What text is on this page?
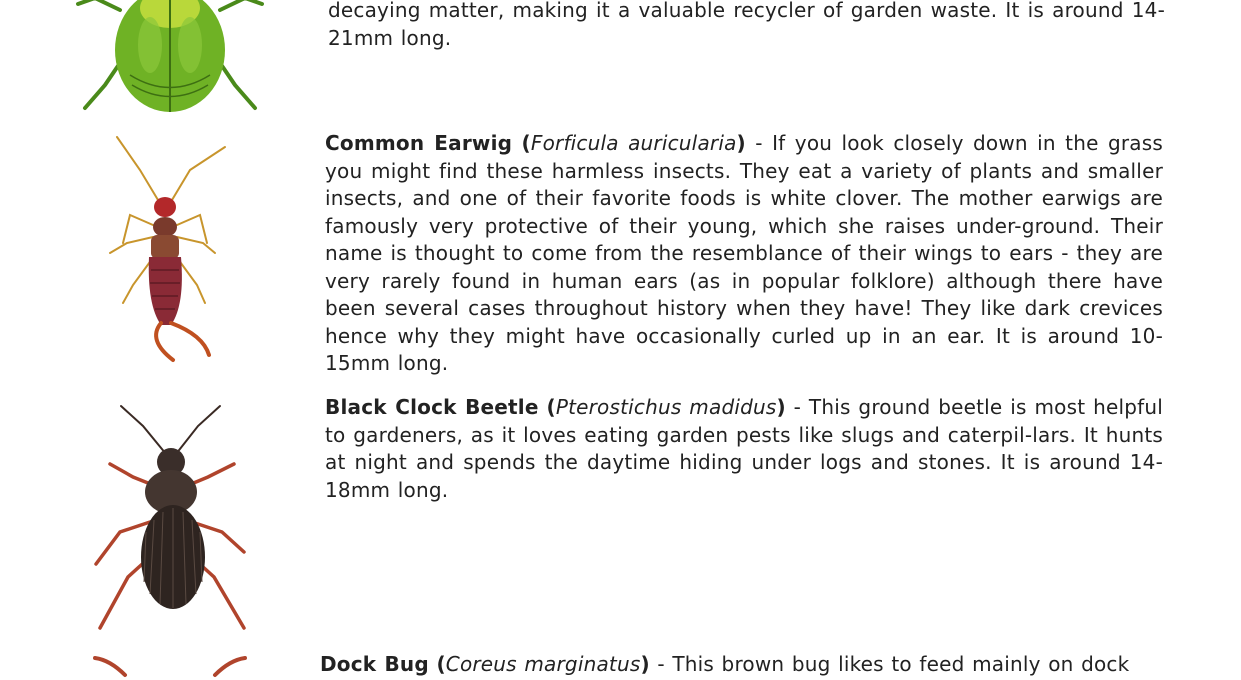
decaying matter, making it a valuable recycler of garden waste. It is around 14-21mm long.

Common Earwig (Forficula auricularia) - If you look closely down in the grass you might find these harmless insects. They eat a variety of plants and smaller insects, and one of their favorite foods is white clover. The mother earwigs are famously very protective of their young, which she raises under-ground. Their name is thought to come from the resemblance of their wings to ears - they are very rarely found in human ears (as in popular folklore) although there have been several cases throughout history when they have! They like dark crevices hence why they might have occasionally curled up in an ear. It is around 10-15mm long.

Black Clock Beetle (Pterostichus madidus) - This ground beetle is most helpful to gardeners, as it loves eating garden pests like slugs and caterpil-lars. It hunts at night and spends the daytime hiding under logs and stones. It is around 14-18mm long.

Dock Bug (Coreus marginatus) - This brown bug likes to feed mainly on dock
